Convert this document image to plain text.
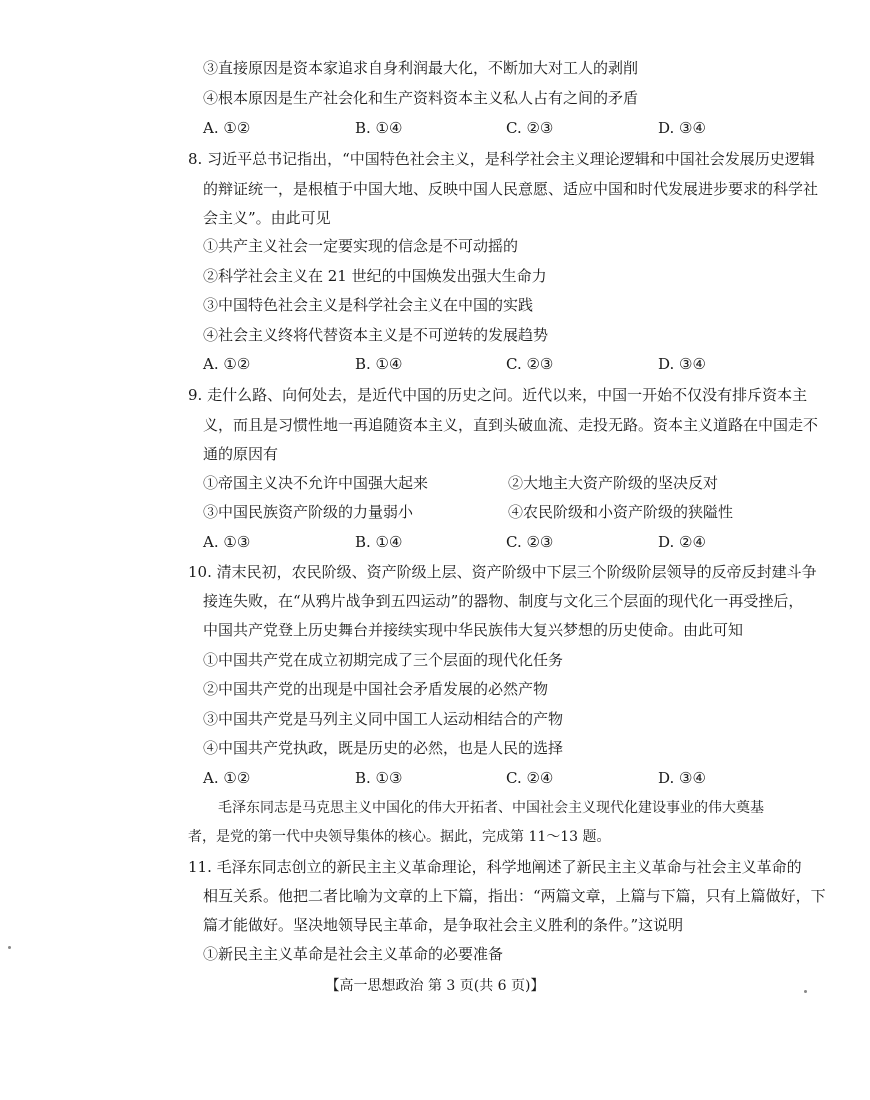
③直接原因是资本家追求自身利润最大化，不断加大对工人的剥削
④根本原因是生产社会化和生产资料资本主义私人占有之间的矛盾
A. ①②	B. ①④	C. ②③	D. ③④
8. 习近平总书记指出，“中国特色社会主义，是科学社会主义理论逻辑和中国社会发展历史逻辑
的辩证统一，是根植于中国大地、反映中国人民意愿、适应中国和时代发展进步要求的科学社
会主义”。由此可见
①共产主义社会一定要实现的信念是不可动摇的
②科学社会主义在 21 世纪的中国焕发出强大生命力
③中国特色社会主义是科学社会主义在中国的实践
④社会主义终将代替资本主义是不可逆转的发展趋势
A. ①②	B. ①④	C. ②③	D. ③④
9. 走什么路、向何处去，是近代中国的历史之问。近代以来，中国一开始不仅没有排斥资本主
义，而且是习惯性地一再追随资本主义，直到头破血流、走投无路。资本主义道路在中国走不
通的原因有
①帝国主义决不允许中国强大起来	②大地主大资产阶级的坚决反对
③中国民族资产阶级的力量弱小	④农民阶级和小资产阶级的狭隘性
A. ①③	B. ①④	C. ②③	D. ②④
10. 清末民初，农民阶级、资产阶级上层、资产阶级中下层三个阶级阶层领导的反帝反封建斗争
接连失败，在“从鸦片战争到五四运动”的器物、制度与文化三个层面的现代化一再受挫后，
中国共产党登上历史舞台并接续实现中华民族伟大复兴梦想的历史使命。由此可知
①中国共产党在成立初期完成了三个层面的现代化任务
②中国共产党的出现是中国社会矛盾发展的必然产物
③中国共产党是马列主义同中国工人运动相结合的产物
④中国共产党执政，既是历史的必然，也是人民的选择
A. ①②	B. ①③	C. ②④	D. ③④
毛泽东同志是马克思主义中国化的伟大开拓者、中国社会主义现代化建设事业的伟大奠基
者，是党的第一代中央领导集体的核心。据此，完成第 11～13 题。
11. 毛泽东同志创立的新民主主义革命理论，科学地阐述了新民主主义革命与社会主义革命的
相互关系。他把二者比喻为文章的上下篇，指出：“两篇文章，上篇与下篇，只有上篇做好，下
篇才能做好。坚决地领导民主革命，是争取社会主义胜利的条件。”这说明
①新民主主义革命是社会主义革命的必要准备
【高一思想政治 第 3 页(共 6 页)】
